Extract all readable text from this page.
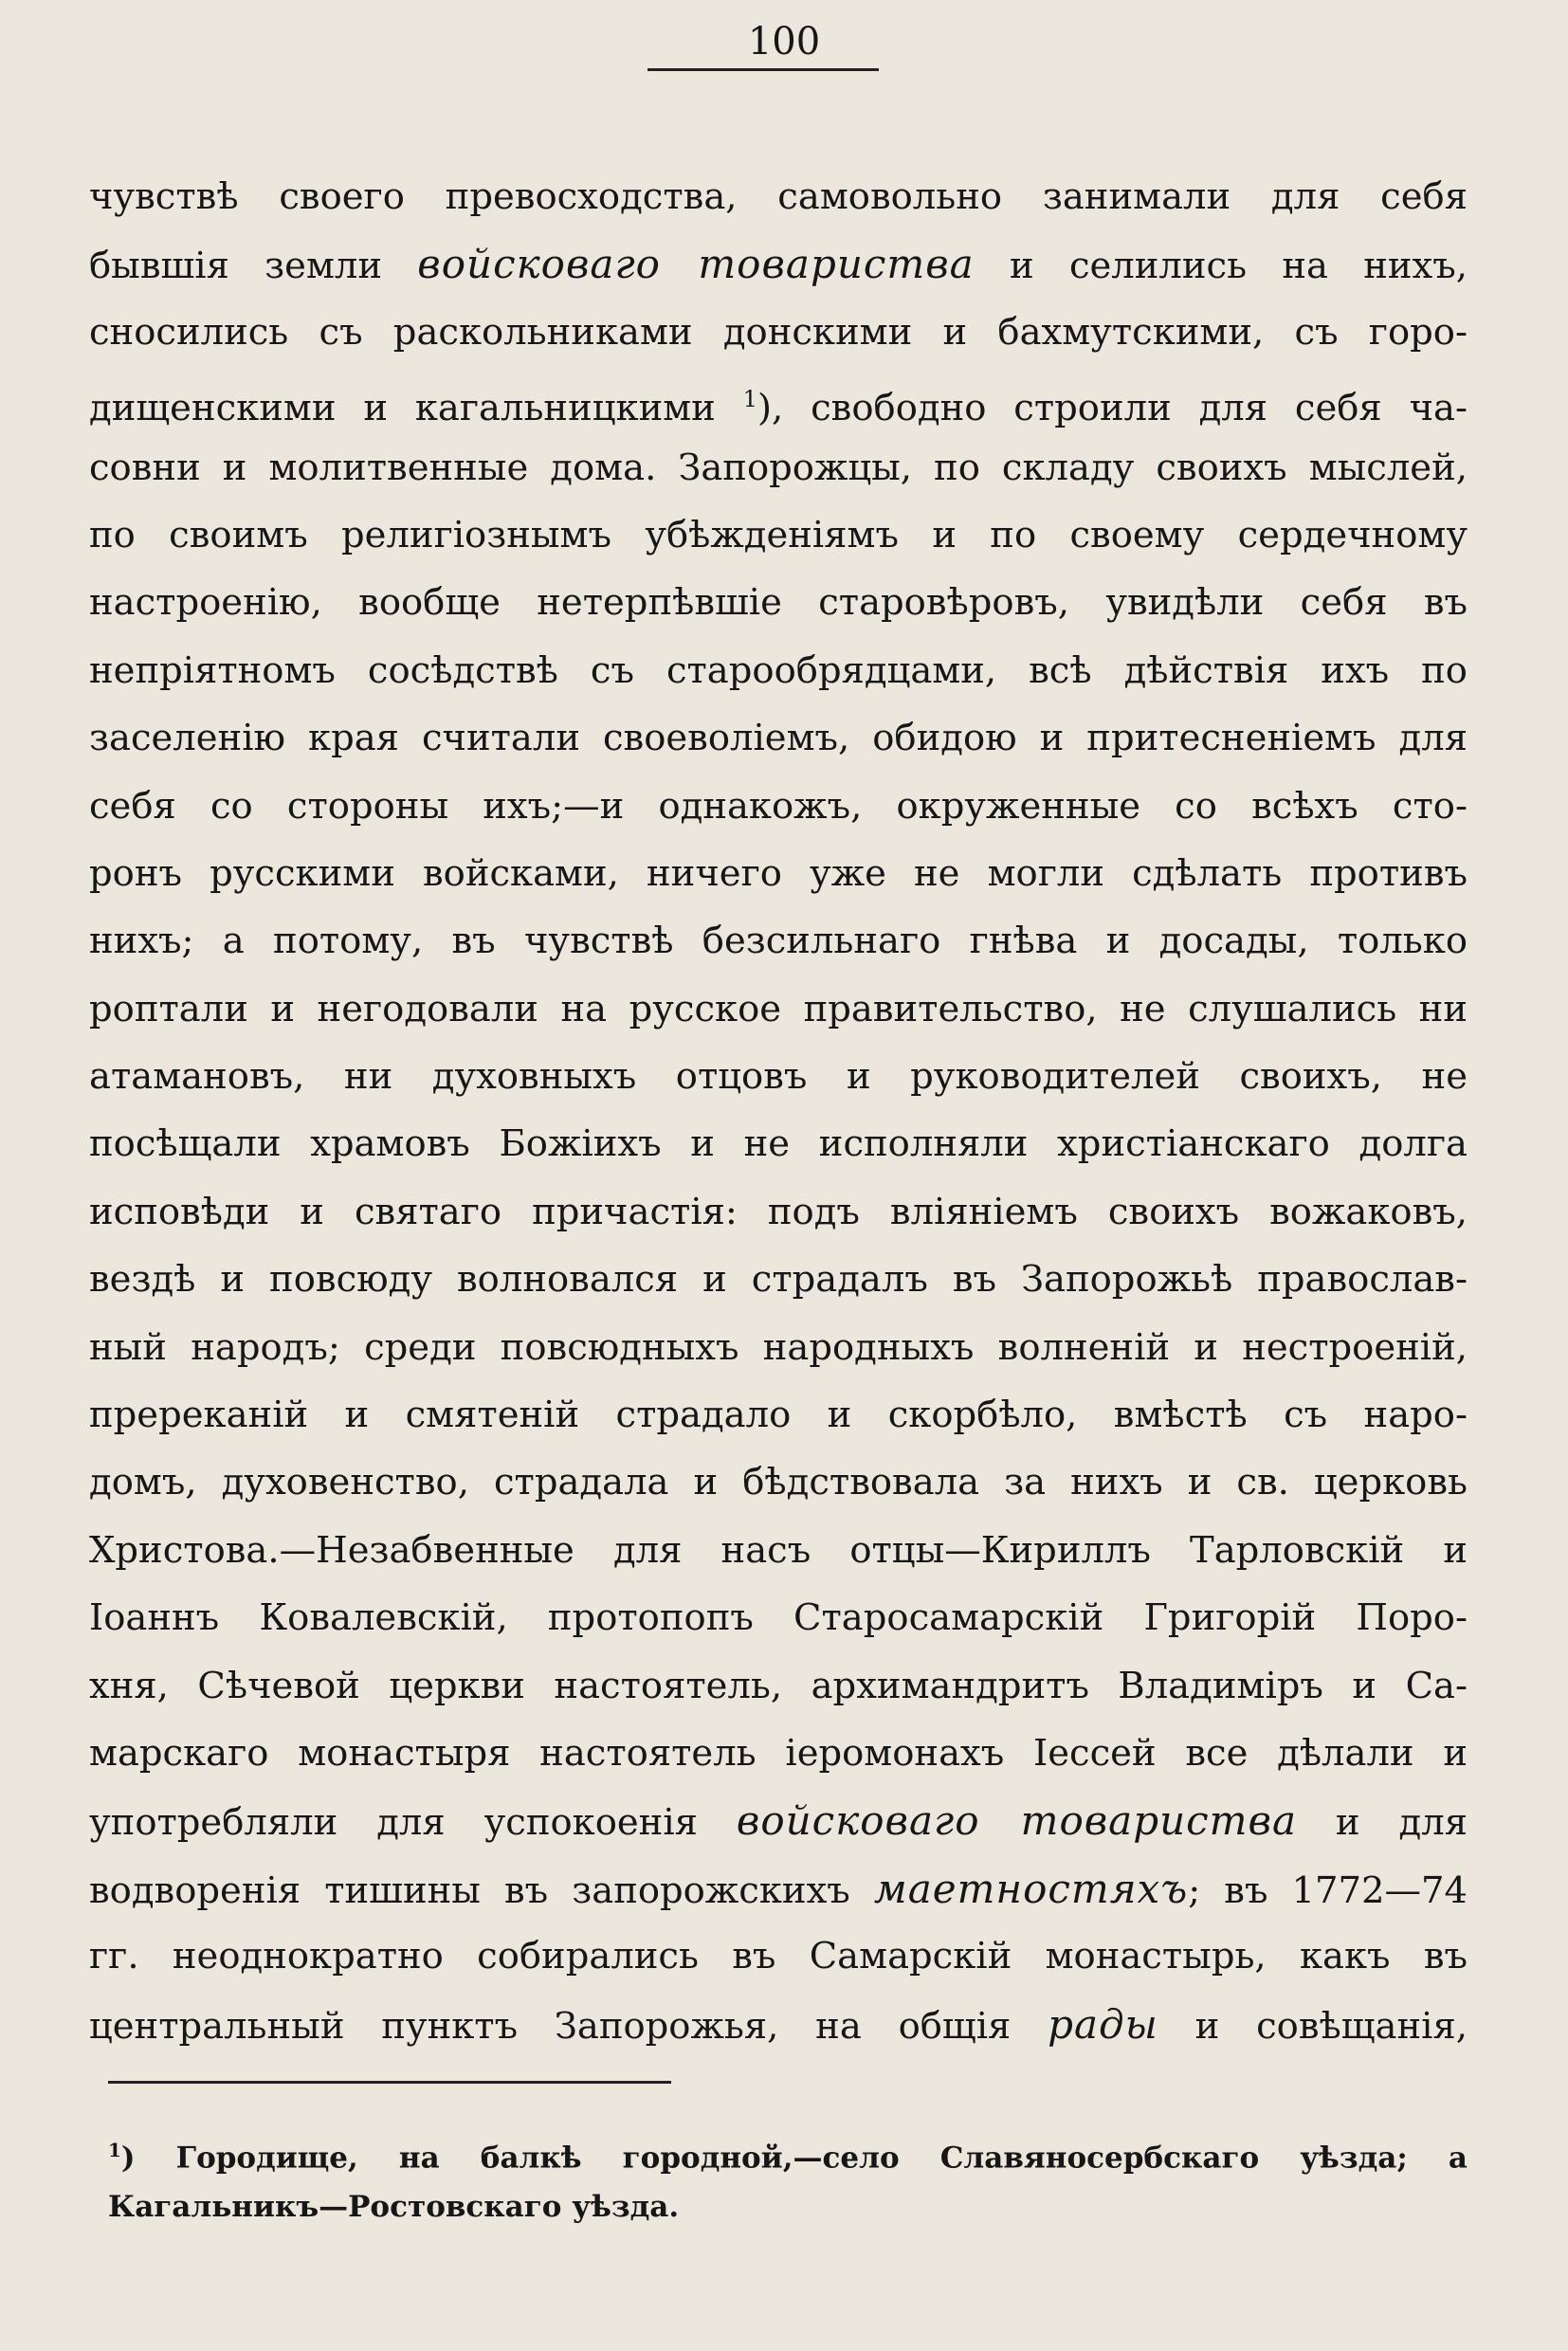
100
чувствѣ своего превосходства, самовольно занимали для себя
бывшія земли войсковаго товариства и селились на нихъ,
сносились съ раскольниками донскими и бахмутскими, съ горо-
дищенскими и кагальницкими $^1$), свободно строили для себя ча-
совни и молитвенные дома. Запорожцы, по складу своихъ мыслей,
по своимъ религіознымъ убѣжденіямъ и по своему сердечному
настроенію, вообще нетерпѣвшіе старовѣровъ, увидѣли себя въ
непріятномъ сосѣдствѣ съ старообрядцами, всѣ дѣйствія ихъ по
заселенію края считали своеволіемъ, обидою и притесненіемъ для
себя со стороны ихъ;—и однакожъ, окруженные со всѣхъ сто-
ронъ русскими войсками, ничего уже не могли сдѣлать противъ
нихъ; а потому, въ чувствѣ безсильнаго гнѣва и досады, только
роптали и негодовали на русское правительство, не слушались ни
атамановъ, ни духовныхъ отцовъ и руководителей своихъ, не
посѣщали храмовъ Божіихъ и не исполняли христіанскаго долга
исповѣди и святаго причастія: подъ вліяніемъ своихъ вожаковъ,
вездѣ и повсюду волновался и страдалъ въ Запорожьѣ православ-
ный народъ; среди повсюдныхъ народныхъ волненій и нестроеній,
пререканій и смятеній страдало и скорбѣло, вмѣстѣ съ наро-
домъ, духовенство, страдала и бѣдствовала за нихъ и св. церковь
Христова.—Незабвенные для насъ отцы—Кириллъ Тарловскій и
Іоаннъ Ковалевскій, протопопъ Старосамарскій Григорій Поро-
хня, Сѣчевой церкви настоятель, архимандритъ Владиміръ и Са-
марскаго монастыря настоятель іеромонахъ Іессей все дѣлали и
употребляли для успокоенія войсковаго товариства и для
водворенія тишины въ запорожскихъ маетностяхъ; въ 1772—74
гг. неоднократно собирались въ Самарскій монастырь, какъ въ
центральный пунктъ Запорожья, на общія рады и совѣщанія,
$^1$) Городище, на балкѣ городной,—село Славяносербскаго уѣзда; а
Кагальникъ—Ростовскаго уѣзда.
